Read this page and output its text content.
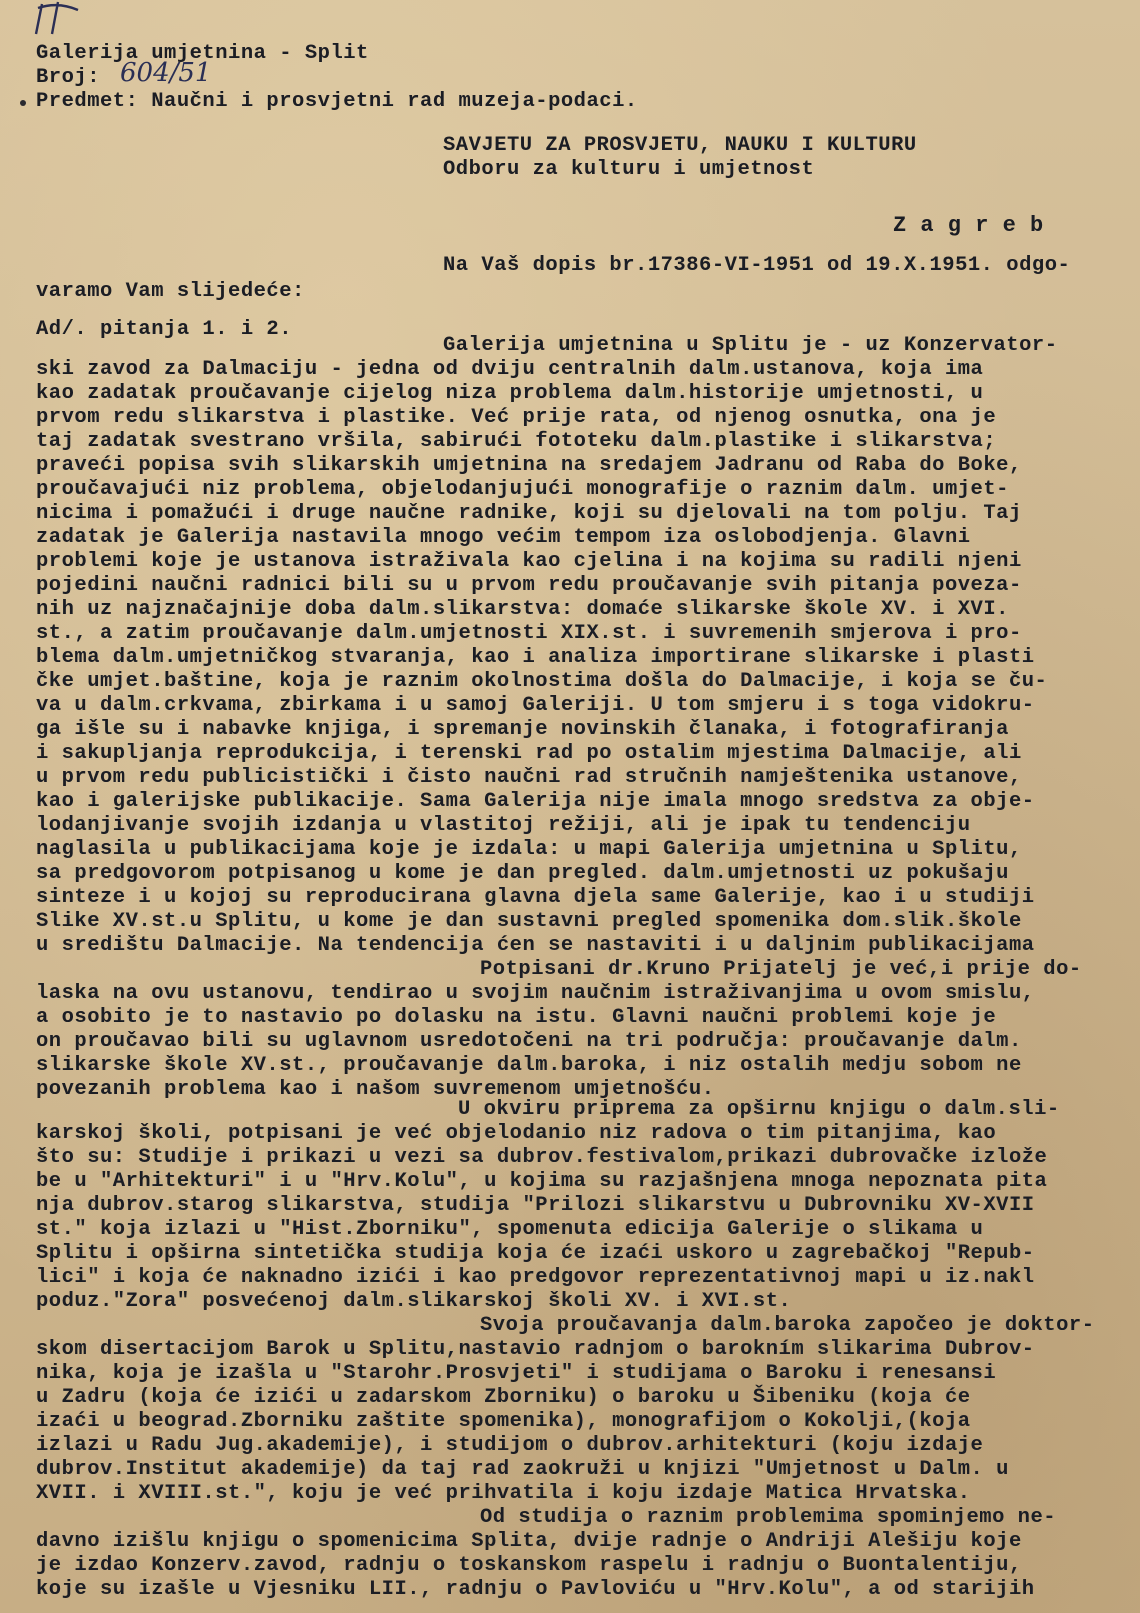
Galerija umjetnina - Split
Broj: 604/51
Predmet: Naučni i prosvjetni rad muzeja-podaci.
SAVJETU ZA PROSVJETU, NAUKU I KULTURU
Odboru za kulturu i umjetnost
Z a g r e b
Na Vaš dopis br.17386-VI-1951 od 19.X.1951. odgo-
varamo Vam slijedeće:
Ad/. pitanja 1. i 2.
Galerija umjetnina u Splitu je - uz Konzervator-
ski zavod za Dalmaciju - jedna od dviju centralnih dalm.ustanova, koja ima
kao zadatak proučavanje cijelog niza problema dalm.historije umjetnosti, u
prvom redu slikarstva i plastike. Već prije rata, od njenog osnutka, ona je
taj zadatak svestrano vršila, sabirući fototeku dalm.plastike i slikarstva;
praveći popisa svih slikarskih umjetnina na sredajem Jadranu od Raba do Boke,
proučavajući niz problema, objelodanjujući monografije o raznim dalm. umjet-
nicima i pomažući i druge naučne radnike, koji su djelovali na tom polju. Taj
zadatak je Galerija nastavila mnogo većim tempom iza oslobodjenja. Glavni
problemi koje je ustanova istraživala kao cjelina i na kojima su radili njeni
pojedini naučni radnici bili su u prvom redu proučavanje svih pitanja poveza-
nih uz najznačajnije doba dalm.slikarstva: domaće slikarske škole XV. i XVI.
st., a zatim proučavanje dalm.umjetnosti XIX.st. i suvremenih smjerova i pro-
blema dalm.umjetničkog stvaranja, kao i analiza importirane slikarske i plasti
čke umjet.baštine, koja je raznim okolnostima došla do Dalmacije, i koja se ču-
va u dalm.crkvama, zbirkama i u samoj Galeriji. U tom smjeru i s toga vidokru-
ga išle su i nabavke knjiga, i spremanje novinskih članaka, i fotografiranja
i sakupljanja reprodukcija, i terenski rad po ostalim mjestima Dalmacije, ali
u prvom redu publicistički i čisto naučni rad stručnih namještenika ustanove,
kao i galerijske publikacije. Sama Galerija nije imala mnogo sredstva za obje-
lodanjivanje svojih izdanja u vlastitoj režiji, ali je ipak tu tendenciju
naglasila u publikacijama koje je izdala: u mapi Galerija umjetnina u Splitu,
sa predgovorom potpisanog u kome je dan pregled. dalm.umjetnosti uz pokušaju
sinteze i u kojoj su reproducirana glavna djela same Galerije, kao i u studiji
Slike XV.st.u Splitu, u kome je dan sustavni pregled spomenika dom.slik.škole
u središtu Dalmacije. Na tendencija ćen se nastaviti i u daljnim publikacijama
Potpisani dr.Kruno Prijatelj je već,i prije do-
laska na ovu ustanovu, tendirao u svojim naučnim istraživanjima u ovom smislu,
a osobito je to nastavio po dolasku na istu. Glavni naučni problemi koje je
on proučavao bili su uglavnom usredotočeni na tri područja: proučavanje dalm.
slikarske škole XV.st., proučavanje dalm.baroka, i niz ostalih medju sobom ne
povezanih problema kao i našom suvremenom umjetnošću.
U okviru priprema za opširnu knjigu o dalm.sli-
karskoj školi, potpisani je već objelodanio niz radova o tim pitanjima, kao
što su: Studije i prikazi u vezi sa dubrov.festivalom,prikazi dubrovačke izlože
be u "Arhitekturi" i u "Hrv.Kolu", u kojima su razjašnjena mnoga nepoznata pita
nja dubrov.starog slikarstva, studija "Prilozi slikarstvu u Dubrovniku XV-XVII
st." koja izlazi u "Hist.Zborniku", spomenuta edicija Galerije o slikama u
Splitu i opširna sintetička studija koja će izaći uskoro u zagrebačkoj "Repub-
lici" i koja će naknadno izići i kao predgovor reprezentativnoj mapi u iz.nakl
poduz."Zora" posvećenoj dalm.slikarskoj školi XV. i XVI.st.
Svoja proučavanja dalm.baroka započeo je doktor-
skom disertacijom Barok u Splitu,nastavio radnjom o barokním slikarima Dubrov-
nika, koja je izašla u "Starohr.Prosvjeti" i studijama o Baroku i renesansi
u Zadru (koja će izići u zadarskom Zborniku) o baroku u Šibeniku (koja će
izaći u beograd.Zborniku zaštite spomenika), monografijom o Kokolji,(koja
izlazi u Radu Jug.akademije), i studijom o dubrov.arhitekturi (koju izdaje
dubrov.Institut akademije) da taj rad zaokruži u knjizi "Umjetnost u Dalm. u
XVII. i XVIII.st.", koju je već prihvatila i koju izdaje Matica Hrvatska.
Od studija o raznim problemima spominjemo ne-
davno izišlu knjigu o spomenicima Splita, dvije radnje o Andriji Alešiju koje
je izdao Konzerv.zavod, radnju o toskanskom raspelu i radnju o Buontalentiju,
koje su izašle u Vjesniku LII., radnju o Pavloviću u "Hrv.Kolu", a od starijih
